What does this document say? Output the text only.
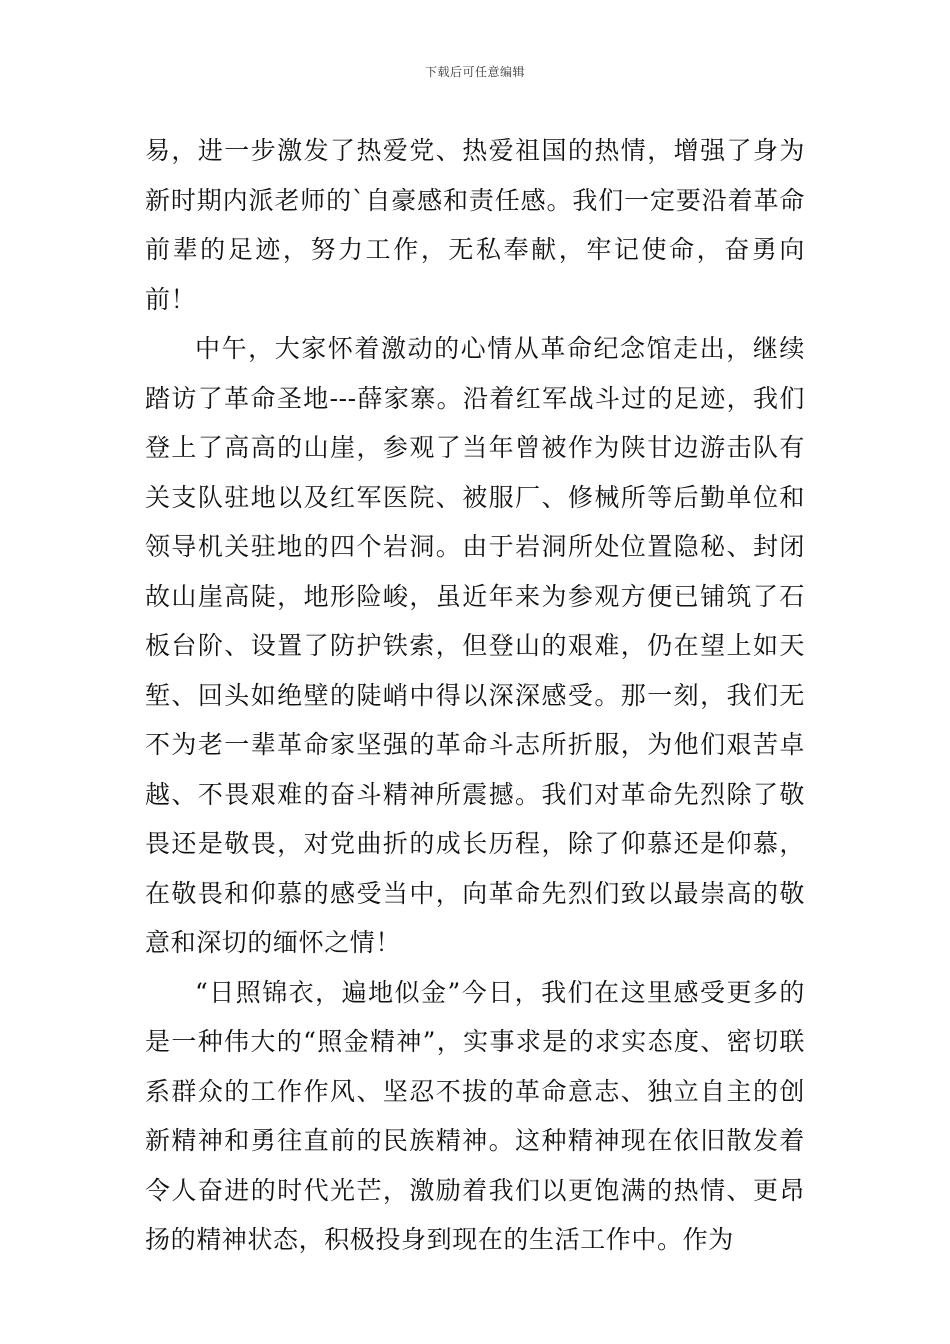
下载后可任意编辑

易，进一步激发了热爱党、热爱祖国的热情，增强了身为新时期内派老师的`自豪感和责任感。我们一定要沿着革命前辈的足迹，努力工作，无私奉献，牢记使命，奋勇向前！

中午，大家怀着激动的心情从革命纪念馆走出，继续踏访了革命圣地---薛家寨。沿着红军战斗过的足迹，我们登上了高高的山崖，参观了当年曾被作为陕甘边游击队有关支队驻地以及红军医院、被服厂、修械所等后勤单位和领导机关驻地的四个岩洞。由于岩洞所处位置隐秘、封闭故山崖高陡，地形险峻，虽近年来为参观方便已铺筑了石板台阶、设置了防护铁索，但登山的艰难，仍在望上如天堑、回头如绝壁的陡峭中得以深深感受。那一刻，我们无不为老一辈革命家坚强的革命斗志所折服，为他们艰苦卓越、不畏艰难的奋斗精神所震撼。我们对革命先烈除了敬畏还是敬畏，对党曲折的成长历程，除了仰慕还是仰慕，在敬畏和仰慕的感受当中，向革命先烈们致以最崇高的敬意和深切的缅怀之情！

“日照锦衣，遍地似金”今日，我们在这里感受更多的是一种伟大的“照金精神”，实事求是的求实态度、密切联系群众的工作作风、坚忍不拔的革命意志、独立自主的创新精神和勇往直前的民族精神。这种精神现在依旧散发着令人奋进的时代光芒，激励着我们以更饱满的热情、更昂扬的精神状态，积极投身到现在的生活工作中。作为
